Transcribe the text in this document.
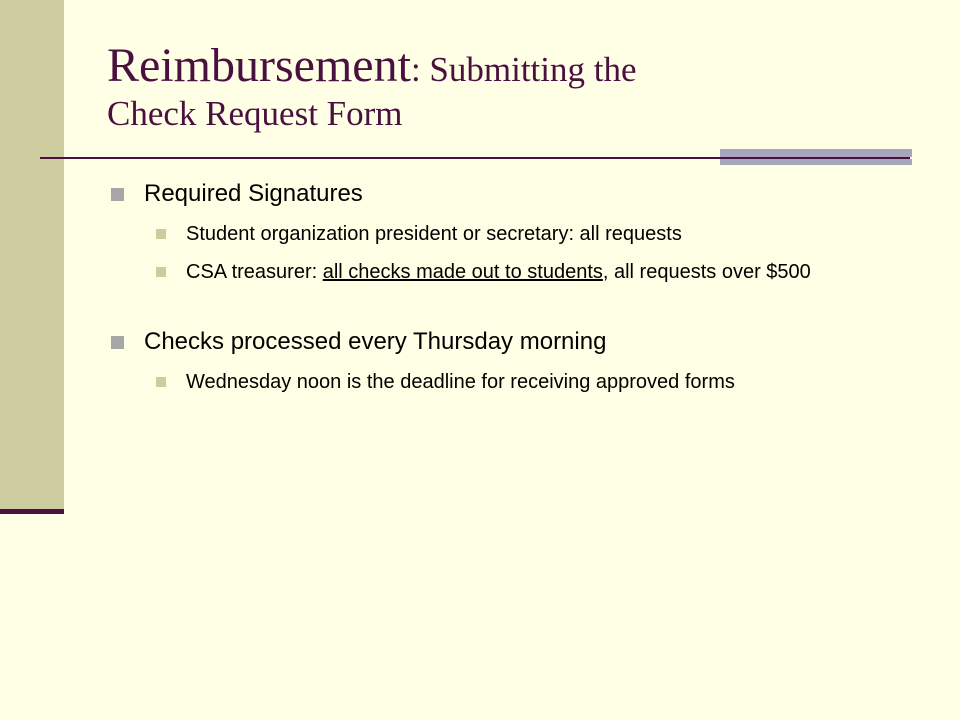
Reimbursement: Submitting the
Check Request Form
Required Signatures
Student organization president or secretary: all requests
CSA treasurer: all checks made out to students, all requests over $500
Checks processed every Thursday morning
Wednesday noon is the deadline for receiving approved forms
